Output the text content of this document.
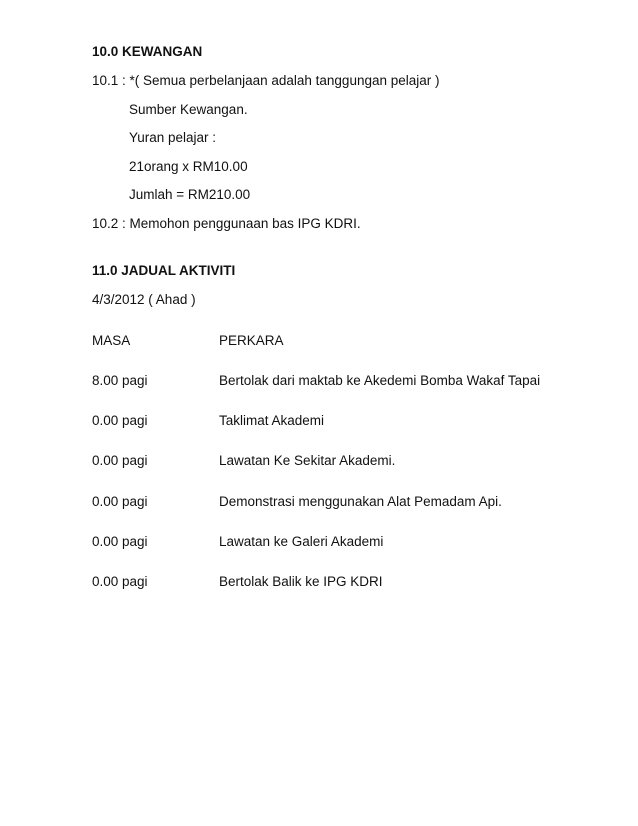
10.0 KEWANGAN
10.1 : *( Semua perbelanjaan adalah tanggungan pelajar )
Sumber Kewangan.
Yuran pelajar :
21orang x RM10.00
Jumlah = RM210.00
10.2 : Memohon penggunaan bas IPG KDRI.
11.0 JADUAL AKTIVITI
4/3/2012 ( Ahad )
MASA	PERKARA
8.00 pagi	Bertolak dari maktab ke Akedemi Bomba Wakaf Tapai
0.00 pagi	Taklimat Akademi
0.00 pagi	Lawatan Ke Sekitar Akademi.
0.00 pagi	Demonstrasi menggunakan Alat Pemadam Api.
0.00 pagi	Lawatan ke Galeri Akademi
0.00 pagi	Bertolak Balik ke IPG KDRI
